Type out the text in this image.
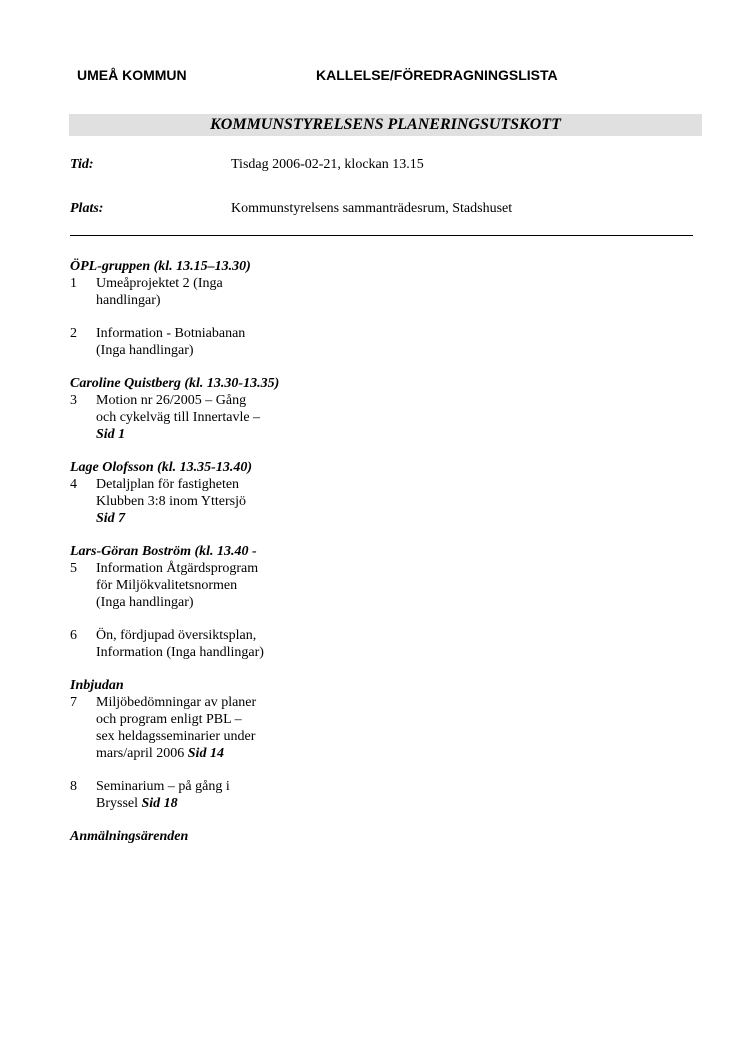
UMEÅ KOMMUN	KALLELSE/FÖREDRAGNINGSLISTA
KOMMUNSTYRELSENS PLANERINGSUTSKOTT
Tid:	Tisdag 2006-02-21, klockan 13.15
Plats:	Kommunstyrelsens sammanträdesrum, Stadshuset
ÖPL-gruppen (kl. 13.15–13.30)
1	Umeåprojektet 2 (Inga
handlingar)
2	Information - Botniabanan
(Inga handlingar)
Caroline Quistberg (kl. 13.30-13.35)
3	Motion nr 26/2005 – Gång
och cykelväg till Innertavle –
Sid 1
Lage Olofsson (kl. 13.35-13.40)
4	Detaljplan för fastigheten
Klubben 3:8 inom Yttersjö
Sid 7
Lars-Göran Boström (kl. 13.40 -
5	Information Åtgärdsprogram
för Miljökvalitetsnormen
(Inga handlingar)
6	Ön, fördjupad översiktsplan,
Information (Inga handlingar)
Inbjudan
7	Miljöbedömningar av planer
och program enligt PBL –
sex heldagsseminarier under
mars/april 2006 Sid 14
8	Seminarium – på gång i
Bryssel Sid 18
Anmälningsärenden
